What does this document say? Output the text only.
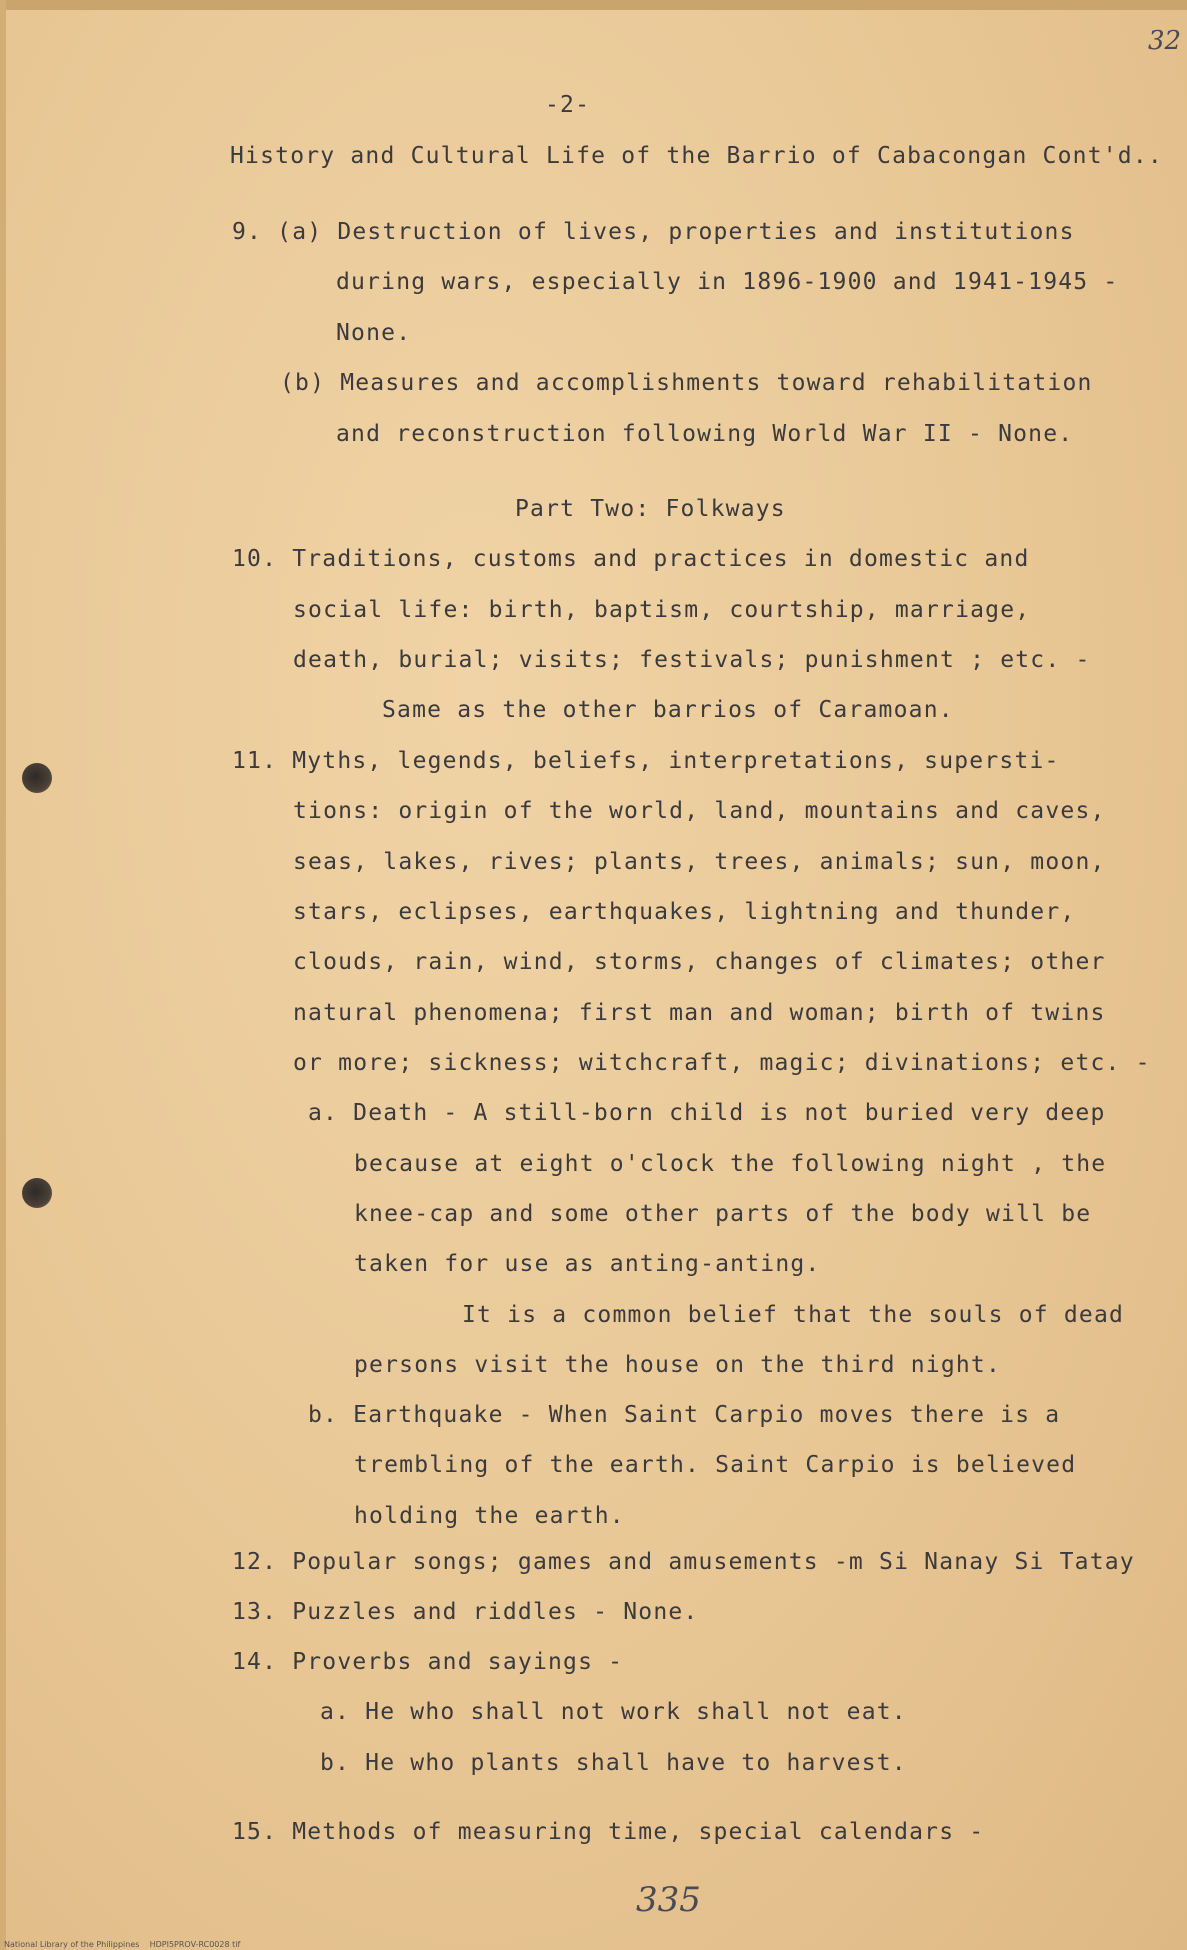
32
-2-
History and Cultural Life of the Barrio of Cabacongan Cont'd..
9. (a) Destruction of lives, properties and institutions
during wars, especially in 1896-1900 and 1941-1945 -
None.
(b) Measures and accomplishments toward rehabilitation
and reconstruction following World War II - None.
Part Two: Folkways
10. Traditions, customs and practices in domestic and
social life: birth, baptism, courtship, marriage,
death, burial; visits; festivals; punishment ; etc. -
Same as the other barrios of Caramoan.
11. Myths, legends, beliefs, interpretations, supersti-
tions: origin of the world, land, mountains and caves,
seas, lakes, rives; plants, trees, animals; sun, moon,
stars, eclipses, earthquakes, lightning and thunder,
clouds, rain, wind, storms, changes of climates; other
natural phenomena; first man and woman; birth of twins
or more; sickness; witchcraft, magic; divinations; etc. -
a. Death - A still-born child is not buried very deep
because at eight o'clock the following night , the
knee-cap and some other parts of the body will be
taken for use as anting-anting.
It is a common belief that the souls of dead
persons visit the house on the third night.
b. Earthquake - When Saint Carpio moves there is a
trembling of the earth. Saint Carpio is believed
holding the earth.
12. Popular songs; games and amusements -m Si Nanay Si Tatay
13. Puzzles and riddles - None.
14. Proverbs and sayings -
a. He who shall not work shall not eat.
b. He who plants shall have to harvest.
15. Methods of measuring time, special calendars -
335
National Library of the Philippines    HDPI5PROV-RC0028 tif
